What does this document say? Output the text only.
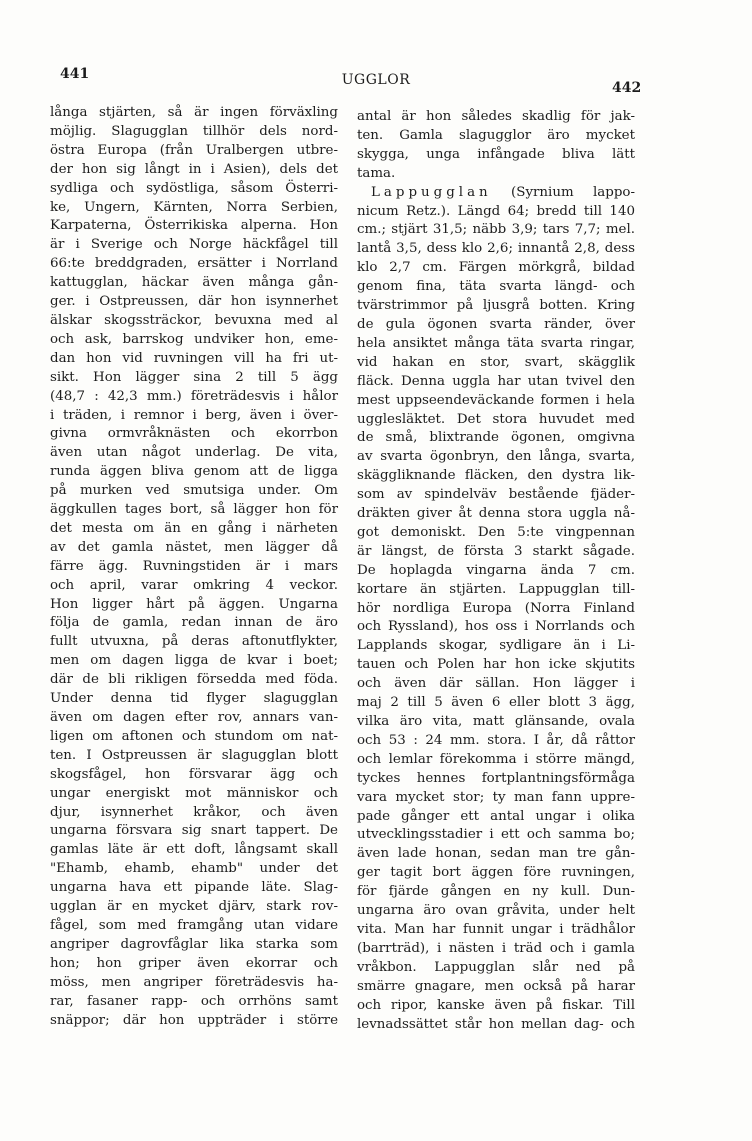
441	UGGLOR	442
långa stjärten, så är ingen förväxling
möjlig. Slagugglan tillhör dels nord-
östra Europa (från Uralbergen utbre-
der hon sig långt in i Asien), dels det
sydliga och sydöstliga, såsom Österri-
ke, Ungern, Kärnten, Norra Serbien,
Karpaterna, Österrikiska alperna. Hon
är i Sverige och Norge häckfågel till
66:te breddgraden, ersätter i Norrland
kattugglan, häckar även många gån-
ger. i Ostpreussen, där hon isynnerhet
älskar skogssträckor, bevuxna med al
och ask, barrskog undviker hon, eme-
dan hon vid ruvningen vill ha fri ut-
sikt. Hon lägger sina 2 till 5 ägg
(48,7 : 42,3 mm.) företrädesvis i hålor
i träden, i remnor i berg, även i över-
givna ormvråknästen och ekorrbon
även utan något underlag. De vita,
runda äggen bliva genom att de ligga
på murken ved smutsiga under. Om
äggkullen tages bort, så lägger hon för
det mesta om än en gång i närheten
av det gamla nästet, men lägger då
färre ägg. Ruvningstiden är i mars
och april, varar omkring 4 veckor.
Hon ligger hårt på äggen. Ungarna
följa de gamla, redan innan de äro
fullt utvuxna, på deras aftonutflykter,
men om dagen ligga de kvar i boet;
där de bli rikligen försedda med föda.
Under denna tid flyger slagugglan
även om dagen efter rov, annars van-
ligen om aftonen och stundom om nat-
ten. I Ostpreussen är slagugglan blott
skogsfågel, hon försvarar ägg och
ungar energiskt mot människor och
djur, isynnerhet kråkor, och även
ungarna försvara sig snart tappert. De
gamlas läte är ett doft, långsamt skall
"Ehamb, ehamb, ehamb" under det
ungarna hava ett pipande läte. Slag-
ugglan är en mycket djärv, stark rov-
fågel, som med framgång utan vidare
angriper dagrovfåglar lika starka som
hon; hon griper även ekorrar och
möss, men angriper företrädesvis ha-
rar, fasaner rapp- och orrhöns samt
snäppor; där hon uppträder i större
antal är hon således skadlig för jak-
ten. Gamla slagugglor äro mycket
skygga, unga infångade bliva lätt
tama.
Lappugglan (Syrnium lappo-
nicum Retz.). Längd 64; bredd till 140
cm.; stjärt 31,5; näbb 3,9; tars 7,7; mel.
lantå 3,5, dess klo 2,6; innantå 2,8, dess
klo 2,7 cm. Färgen mörkgrå, bildad
genom fina, täta svarta längd- och
tvärstrimmor på ljusgrå botten. Kring
de gula ögonen svarta ränder, över
hela ansiktet många täta svarta ringar,
vid hakan en stor, svart, skägglik
fläck. Denna uggla har utan tvivel den
mest uppseendeväckande formen i hela
ugglesläktet. Det stora huvudet med
de små, blixtrande ögonen, omgivna
av svarta ögonbryn, den långa, svarta,
skäggliknande fläcken, den dystra lik-
som av spindelväv bestående fjäder-
dräkten giver åt denna stora uggla nå-
got demoniskt. Den 5:te vingpennan
är längst, de första 3 starkt sågade.
De hoplagda vingarna ända 7 cm.
kortare än stjärten. Lappugglan till-
hör nordliga Europa (Norra Finland
och Ryssland), hos oss i Norrlands och
Lapplands skogar, sydligare än i Li-
tauen och Polen har hon icke skjutits
och även där sällan. Hon lägger i
maj 2 till 5 även 6 eller blott 3 ägg,
vilka äro vita, matt glänsande, ovala
och 53 : 24 mm. stora. I år, då råttor
och lemlar förekomma i större mängd,
tyckes hennes fortplantningsförmåga
vara mycket stor; ty man fann uppre-
pade gånger ett antal ungar i olika
utvecklingsstadier i ett och samma bo;
även lade honan, sedan man tre gån-
ger tagit bort äggen före ruvningen,
för fjärde gången en ny kull. Dun-
ungarna äro ovan gråvita, under helt
vita. Man har funnit ungar i trädhålor
(barrträd), i nästen i träd och i gamla
vråkbon. Lappugglan slår ned på
smärre gnagare, men också på harar
och ripor, kanske även på fiskar. Till
levnadssättet står hon mellan dag- och
